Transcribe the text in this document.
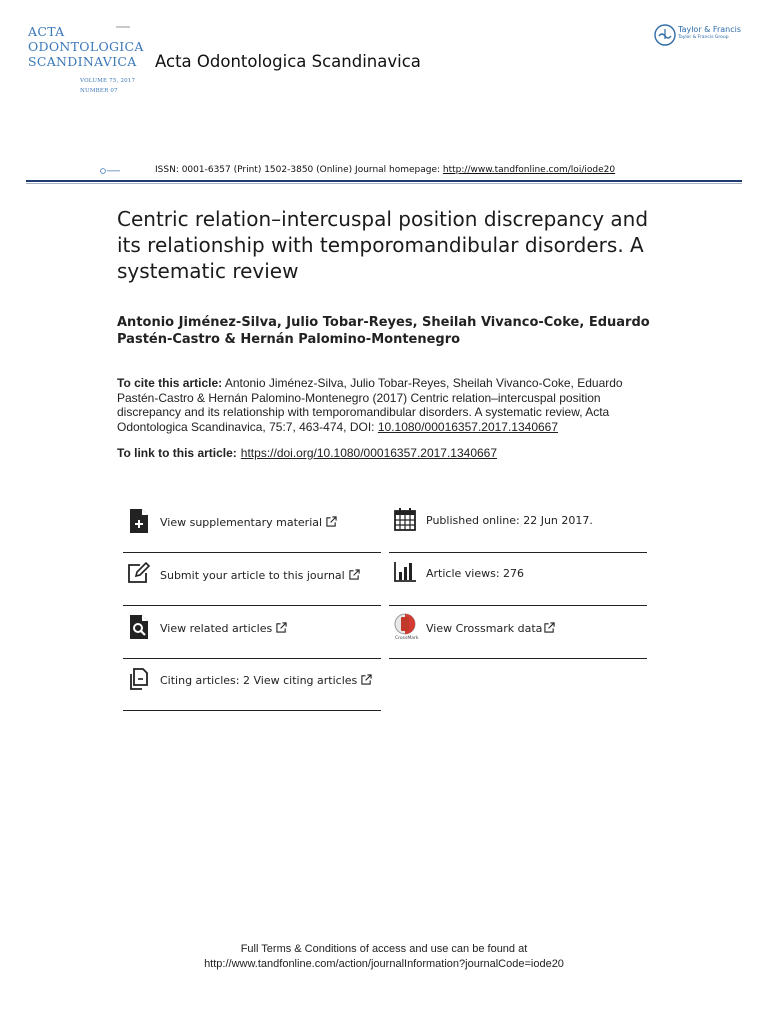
ACTA
ODONTOLOGICA
SCANDINAVICA
VOLUME 75, 2017
NUMBER 07
Acta Odontologica Scandinavica
Taylor & Francis
Taylor & Francis Group
ISSN: 0001-6357 (Print) 1502-3850 (Online) Journal homepage: http://www.tandfonline.com/loi/iode20
Centric relation–intercuspal position discrepancy and its relationship with temporomandibular disorders. A systematic review
Antonio Jiménez-Silva, Julio Tobar-Reyes, Sheilah Vivanco-Coke, Eduardo Pastén-Castro & Hernán Palomino-Montenegro
To cite this article: Antonio Jiménez-Silva, Julio Tobar-Reyes, Sheilah Vivanco-Coke, Eduardo Pastén-Castro & Hernán Palomino-Montenegro (2017) Centric relation–intercuspal position discrepancy and its relationship with temporomandibular disorders. A systematic review, Acta Odontologica Scandinavica, 75:7, 463-474, DOI: 10.1080/00016357.2017.1340667
To link to this article: https://doi.org/10.1080/00016357.2017.1340667
View supplementary material
Submit your article to this journal
View related articles
Citing articles: 2 View citing articles
Published online: 22 Jun 2017.
Article views: 276
CrossMark
View Crossmark data
Full Terms & Conditions of access and use can be found at
http://www.tandfonline.com/action/journalInformation?journalCode=iode20
